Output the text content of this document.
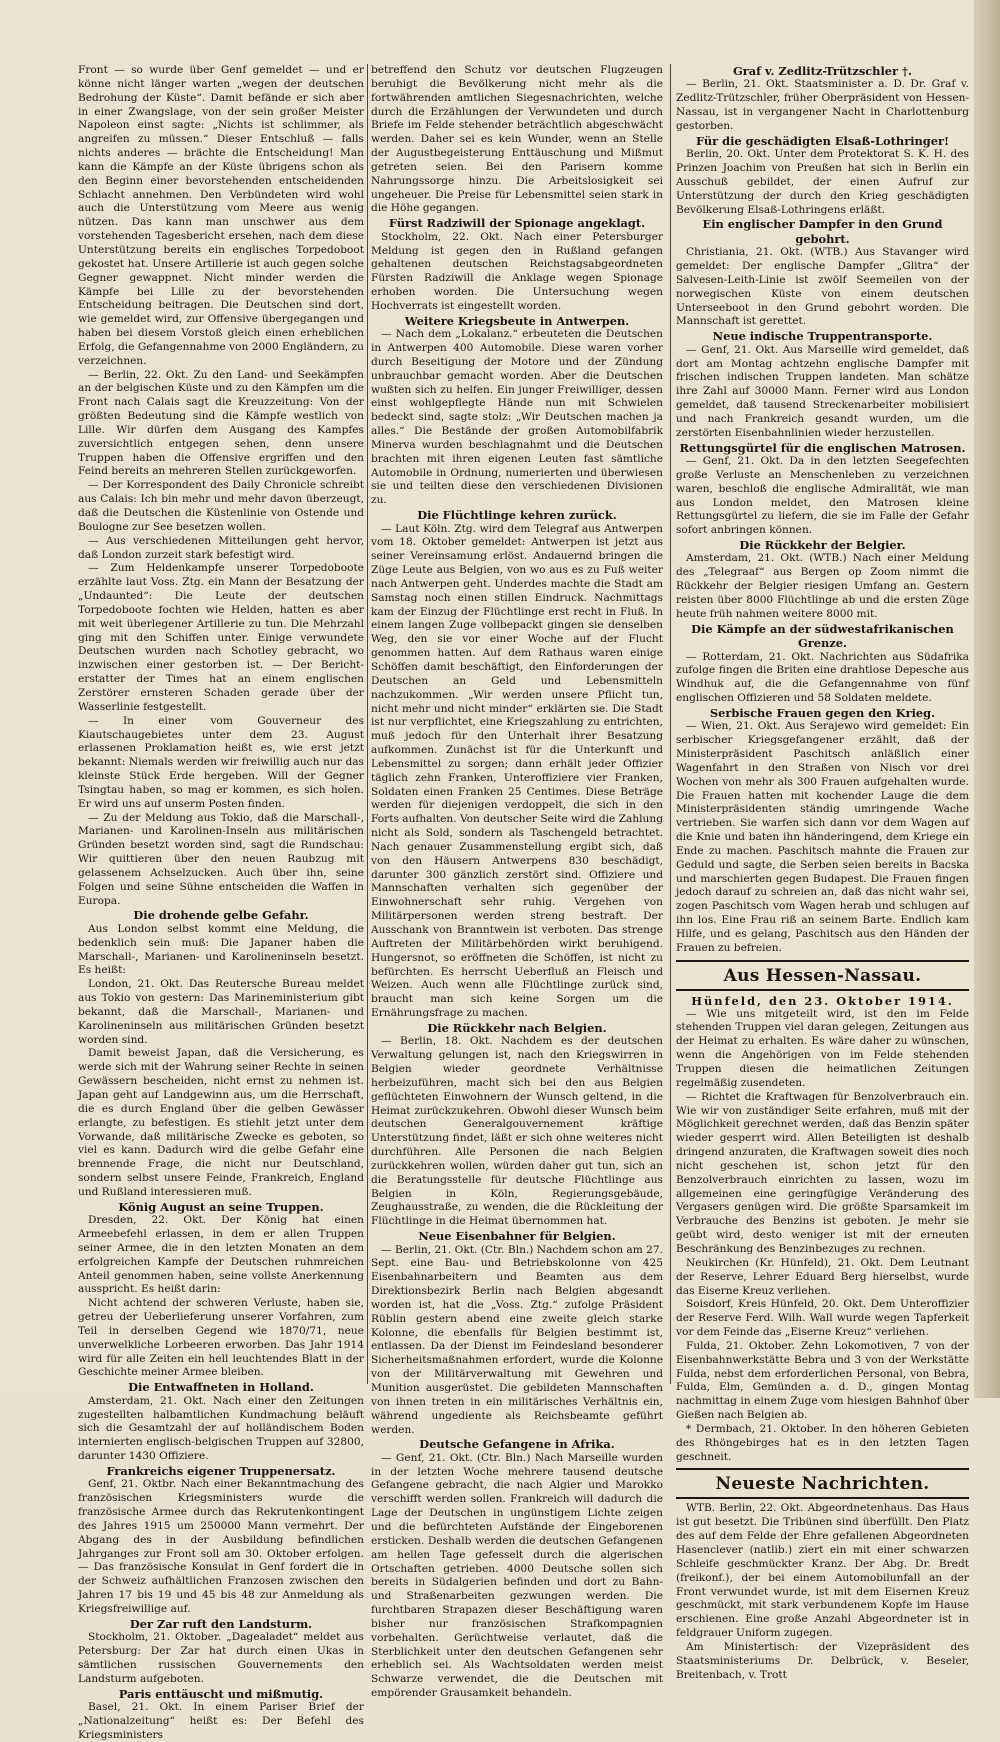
Front — so wurde über Genf gemeldet — und er könne nicht länger warten „wegen der deutschen Bedrohung der Küste“. Damit befände er sich aber in einer Zwangslage, von der sein großer Meister Napoleon einst sagte: „Nichts ist schlimmer, als angreifen zu müssen.“ Dieser Entschluß — falls nichts anderes — brächte die Entscheidung! Man kann die Kämpfe an der Küste übrigens schon als den Beginn einer bevorstehenden entscheidenden Schlacht annehmen. Den Verbündeten wird wohl auch die Unterstützung vom Meere aus wenig nützen. Das kann man unschwer aus dem vorstehenden Tagesbericht ersehen, nach dem diese Unterstützung bereits ein englisches Torpedoboot gekostet hat. Unsere Artillerie ist auch gegen solche Gegner gewappnet. Nicht minder werden die Kämpfe bei Lille zu der bevorstehenden Entscheidung beitragen. Die Deutschen sind dort, wie gemeldet wird, zur Offensive übergegangen und haben bei diesem Vorstoß gleich einen erheblichen Erfolg, die Gefangennahme von 2000 Engländern, zu verzeichnen.

— Berlin, 22. Okt. Zu den Land- und Seekämpfen an der belgischen Küste und zu den Kämpfen um die Front nach Calais sagt die Kreuzzeitung: Von der größten Bedeutung sind die Kämpfe westlich von Lille. Wir dürfen dem Ausgang des Kampfes zuversichtlich entgegen sehen, denn unsere Truppen haben die Offensive ergriffen und den Feind bereits an mehreren Stellen zurückgeworfen.

— Der Korrespondent des Daily Chronicle schreibt aus Calais: Ich bin mehr und mehr davon überzeugt, daß die Deutschen die Küstenlinie von Ostende und Boulogne zur See besetzen wollen.

— Aus verschiedenen Mitteilungen geht hervor, daß London zurzeit stark befestigt wird.

— Zum Heldenkampfe unserer Torpedoboote erzählte laut Voss. Ztg. ein Mann der Besatzung der „Undaunted“: Die Leute der deutschen Torpedoboote fochten wie Helden, hatten es aber mit weit überlegener Artillerie zu tun. Die Mehrzahl ging mit den Schiffen unter. Einige verwundete Deutschen wurden nach Schotley gebracht, wo inzwischen einer gestorben ist. — Der Bericht-erstatter der Times hat an einem englischen Zerstörer ernsteren Schaden gerade über der Wasserlinie festgestellt.

— In einer vom Gouverneur des Kiautschaugebietes unter dem 23. August erlassenen Proklamation heißt es, wie erst jetzt bekannt: Niemals werden wir freiwillig auch nur das kleinste Stück Erde hergeben. Will der Gegner Tsingtau haben, so mag er kommen, es sich holen. Er wird uns auf unserm Posten finden.

— Zu der Meldung aus Tokio, daß die Marschall-, Marianen- und Karolinen-Inseln aus militärischen Gründen besetzt worden sind, sagt die Rundschau: Wir quittieren über den neuen Raubzug mit gelassenem Achselzucken. Auch über ihn, seine Folgen und seine Sühne entscheiden die Waffen in Europa.

Die drohende gelbe Gefahr.

Aus London selbst kommt eine Meldung, die bedenklich sein muß: Die Japaner haben die Marschall-, Marianen- und Karolineninseln besetzt. Es heißt:

London, 21. Okt. Das Reutersche Bureau meldet aus Tokio von gestern: Das Marineministerium gibt bekannt, daß die Marschall-, Marianen- und Karolineninseln aus militärischen Gründen besetzt worden sind.

Damit beweist Japan, daß die Versicherung, es werde sich mit der Wahrung seiner Rechte in seinen Gewässern bescheiden, nicht ernst zu nehmen ist. Japan geht auf Landgewinn aus, um die Herrschaft, die es durch England über die gelben Gewässer erlangte, zu befestigen. Es stiehlt jetzt unter dem Vorwande, daß militärische Zwecke es geboten, so viel es kann. Dadurch wird die gelbe Gefahr eine brennende Frage, die nicht nur Deutschland, sondern selbst unsere Feinde, Frankreich, England und Rußland interessieren muß.

König August an seine Truppen.

Dresden, 22. Okt. Der König hat einen Armeebefehl erlassen, in dem er allen Truppen seiner Armee, die in den letzten Monaten an dem erfolgreichen Kampfe der Deutschen ruhmreichen Anteil genommen haben, seine vollste Anerkennung ausspricht. Es heißt darin:

Nicht achtend der schweren Verluste, haben sie, getreu der Ueberlieferung unserer Vorfahren, zum Teil in derselben Gegend wie 1870/71, neue unverwelkliche Lorbeeren erworben. Das Jahr 1914 wird für alle Zeiten ein hell leuchtendes Blatt in der Geschichte meiner Armee bleiben.

Die Entwaffneten in Holland.

Amsterdam, 21. Okt. Nach einer den Zeitungen zugestellten halbamtlichen Kundmachung beläuft sich die Gesamtzahl der auf holländischem Boden internierten englisch-belgischen Truppen auf 32800, darunter 1430 Offiziere.

Frankreichs eigener Truppenersatz.

Genf, 21. Oktbr. Nach einer Bekanntmachung des französischen Kriegsministers wurde die französische Armee durch das Rekrutenkontingent des Jahres 1915 um 250000 Mann vermehrt. Der Abgang des in der Ausbildung befindlichen Jahrganges zur Front soll am 30. Oktober erfolgen. — Das französische Konsulat in Genf fordert die in der Schweiz aufhältlichen Franzosen zwischen den Jahren 17 bis 19 und 45 bis 48 zur Anmeldung als Kriegsfreiwillige auf.

Der Zar ruft den Landsturm.

Stockholm, 21. Oktober. „Dagealadet“ meldet aus Petersburg: Der Zar hat durch einen Ukas in sämtlichen russischen Gouvernements den Landsturm aufgeboten.

Paris enttäuscht und mißmutig.

Basel, 21. Okt. In einem Pariser Brief der „Nationalzeitung“ heißt es: Der Befehl des Kriegsministers

betreffend den Schutz vor deutschen Flugzeugen beruhigt die Bevölkerung nicht mehr als die fortwährenden amtlichen Siegesnachrichten, welche durch die Erzählungen der Verwundeten und durch Briefe im Felde stehender beträchtlich abgeschwächt werden. Daher sei es kein Wunder, wenn an Stelle der Augustbegeisterung Enttäuschung und Mißmut getreten seien. Bei den Parisern komme Nahrungssorge hinzu. Die Arbeitslosigkeit sei ungeheuer. Die Preise für Lebensmittel seien stark in die Höhe gegangen.

Fürst Radziwill der Spionage angeklagt.

Stockholm, 22. Okt. Nach einer Petersburger Meldung ist gegen den in Rußland gefangen gehaltenen deutschen Reichstagsabgeordneten Fürsten Radziwill die Anklage wegen Spionage erhoben worden. Die Untersuchung wegen Hochverrats ist eingestellt worden.

Weitere Kriegsbeute in Antwerpen.

— Nach dem „Lokalanz.“ erbeuteten die Deutschen in Antwerpen 400 Automobile. Diese waren vorher durch Beseitigung der Motore und der Zündung unbrauchbar gemacht worden. Aber die Deutschen wußten sich zu helfen. Ein junger Freiwilliger, dessen einst wohlgepflegte Hände nun mit Schwielen bedeckt sind, sagte stolz: „Wir Deutschen machen ja alles.“ Die Bestände der großen Automobilfabrik Minerva wurden beschlagnahmt und die Deutschen brachten mit ihren eigenen Leuten fast sämtliche Automobile in Ordnung, numerierten und überwiesen sie und teilten diese den verschiedenen Divisionen zu.

Die Flüchtlinge kehren zurück.

— Laut Köln. Ztg. wird dem Telegraf aus Antwerpen vom 18. Oktober gemeldet: Antwerpen ist jetzt aus seiner Vereinsamung erlöst. Andauernd bringen die Züge Leute aus Belgien, von wo aus es zu Fuß weiter nach Antwerpen geht. Underdes machte die Stadt am Samstag noch einen stillen Eindruck. Nachmittags kam der Einzug der Flüchtlinge erst recht in Fluß. In einem langen Zuge vollbepackt gingen sie denselben Weg, den sie vor einer Woche auf der Flucht genommen hatten. Auf dem Rathaus waren einige Schöffen damit beschäftigt, den Einforderungen der Deutschen an Geld und Lebensmitteln nachzukommen. „Wir werden unsere Pflicht tun, nicht mehr und nicht minder“ erklärten sie. Die Stadt ist nur verpflichtet, eine Kriegszahlung zu entrichten, muß jedoch für den Unterhalt ihrer Besatzung aufkommen. Zunächst ist für die Unterkunft und Lebensmittel zu sorgen; dann erhält jeder Offizier täglich zehn Franken, Unteroffiziere vier Franken, Soldaten einen Franken 25 Centimes. Diese Beträge werden für diejenigen verdoppelt, die sich in den Forts aufhalten. Von deutscher Seite wird die Zahlung nicht als Sold, sondern als Taschengeld betrachtet. Nach genauer Zusammenstellung ergibt sich, daß von den Häusern Antwerpens 830 beschädigt, darunter 300 gänzlich zerstört sind. Offiziere und Mannschaften verhalten sich gegenüber der Einwohnerschaft sehr ruhig. Vergehen von Militärpersonen werden streng bestraft. Der Ausschank von Branntwein ist verboten. Das strenge Auftreten der Militärbehörden wirkt beruhigend. Hungersnot, so eröffneten die Schöffen, ist nicht zu befürchten. Es herrscht Ueberfluß an Fleisch und Weizen. Auch wenn alle Flüchtlinge zurück sind, braucht man sich keine Sorgen um die Ernährungsfrage zu machen.

Die Rückkehr nach Belgien.

— Berlin, 18. Okt. Nachdem es der deutschen Verwaltung gelungen ist, nach den Kriegswirren in Belgien wieder geordnete Verhältnisse herbeizuführen, macht sich bei den aus Belgien geflüchteten Einwohnern der Wunsch geltend, in die Heimat zurückzukehren. Obwohl dieser Wunsch beim deutschen Generalgouvernement kräftige Unterstützung findet, läßt er sich ohne weiteres nicht durchführen. Alle Personen die nach Belgien zurückkehren wollen, würden daher gut tun, sich an die Beratungsstelle für deutsche Flüchtlinge aus Belgien in Köln, Regierungsgebäude, Zeughausstraße, zu wenden, die die Rückleitung der Flüchtlinge in die Heimat übernommen hat.

Neue Eisenbahner für Belgien.

— Berlin, 21. Okt. (Ctr. Bln.) Nachdem schon am 27. Sept. eine Bau- und Betriebskolonne von 425 Eisenbahnarbeitern und Beamten aus dem Direktionsbezirk Berlin nach Belgien abgesandt worden ist, hat die „Voss. Ztg.“ zufolge Präsident Rüblin gestern abend eine zweite gleich starke Kolonne, die ebenfalls für Belgien bestimmt ist, entlassen. Da der Dienst im Feindesland besonderer Sicherheitsmaßnahmen erfordert, wurde die Kolonne von der Militärverwaltung mit Gewehren und Munition ausgerüstet. Die gebildeten Mannschaften von ihnen treten in ein militärisches Verhältnis ein, während ungediente als Reichsbeamte geführt werden.

Deutsche Gefangene in Afrika.

— Genf, 21. Okt. (Ctr. Bln.) Nach Marseille wurden in der letzten Woche mehrere tausend deutsche Gefangene gebracht, die nach Algier und Marokko verschifft werden sollen. Frankreich will dadurch die Lage der Deutschen in ungünstigem Lichte zeigen und die befürchteten Aufstände der Eingeborenen ersticken. Deshalb werden die deutschen Gefangenen am hellen Tage gefesselt durch die algerischen Ortschaften getrieben. 4000 Deutsche sollen sich bereits in Südalgerien befinden und dort zu Bahn- und Straßenarbeiten gezwungen werden. Die furchtbaren Strapazen dieser Beschäftigung waren bisher nur französischen Strafkompagnien vorbehalten. Gerüchtweise verlautet, daß die Sterblichkeit unter den deutschen Gefangenen sehr erheblich sei. Als Wachtsoldaten werden meist Schwarze verwendet, die die Deutschen mit empörender Grausamkeit behandeln.

Graf v. Zedlitz-Trützschler †.

— Berlin, 21. Okt. Staatsminister a. D. Dr. Graf v. Zedlitz-Trützschler, früher Oberpräsident von Hessen-Nassau, ist in vergangener Nacht in Charlottenburg gestorben.

Für die geschädigten Elsaß-Lothringer!

Berlin, 20. Okt. Unter dem Protektorat S. K. H. des Prinzen Joachim von Preußen hat sich in Berlin ein Ausschuß gebildet, der einen Aufruf zur Unterstützung der durch den Krieg geschädigten Bevölkerung Elsaß-Lothringens erläßt.

Ein englischer Dampfer in den Grund gebohrt.

Christiania, 21. Okt. (WTB.) Aus Stavanger wird gemeldet: Der englische Dampfer „Glitra“ der Salvesen-Leith-Linie ist zwölf Seemeilen von der norwegischen Küste von einem deutschen Unterseeboot in den Grund gebohrt worden. Die Mannschaft ist gerettet.

Neue indische Truppentransporte.

— Genf, 21. Okt. Aus Marseille wird gemeldet, daß dort am Montag achtzehn englische Dampfer mit frischen indischen Truppen landeten. Man schätze ihre Zahl auf 30000 Mann. Ferner wird aus London gemeldet, daß tausend Streckenarbeiter mobilisiert und nach Frankreich gesandt wurden, um die zerstörten Eisenbahnlinien wieder herzustellen.

Rettungsgürtel für die englischen Matrosen.

— Genf, 21. Okt. Da in den letzten Seegefechten große Verluste an Menschenleben zu verzeichnen waren, beschloß die englische Admiralität, wie man aus London meldet, den Matrosen kleine Rettungsgürtel zu liefern, die sie im Falle der Gefahr sofort anbringen können.

Die Rückkehr der Belgier.

Amsterdam, 21. Okt. (WTB.) Nach einer Meldung des „Telegraaf“ aus Bergen op Zoom nimmt die Rückkehr der Belgier riesigen Umfang an. Gestern reisten über 8000 Flüchtlinge ab und die ersten Züge heute früh nahmen weitere 8000 mit.

Die Kämpfe an der südwestafrikanischen Grenze.

— Rotterdam, 21. Okt. Nachrichten aus Südafrika zufolge fingen die Briten eine drahtlose Depesche aus Windhuk auf, die die Gefangennahme von fünf englischen Offizieren und 58 Soldaten meldete.

Serbische Frauen gegen den Krieg.

— Wien, 21. Okt. Aus Serajewo wird gemeldet: Ein serbischer Kriegsgefangener erzählt, daß der Ministerpräsident Paschitsch anläßlich einer Wagenfahrt in den Straßen von Nisch vor drei Wochen von mehr als 300 Frauen aufgehalten wurde. Die Frauen hatten mit kochender Lauge die dem Ministerpräsidenten ständig umringende Wache vertrieben. Sie warfen sich dann vor dem Wagen auf die Knie und baten ihn händeringend, dem Kriege ein Ende zu machen. Paschitsch mahnte die Frauen zur Geduld und sagte, die Serben seien bereits in Bacska und marschierten gegen Budapest. Die Frauen fingen jedoch darauf zu schreien an, daß das nicht wahr sei, zogen Paschitsch vom Wagen herab und schlugen auf ihn los. Eine Frau riß an seinem Barte. Endlich kam Hilfe, und es gelang, Paschitsch aus den Händen der Frauen zu befreien.

Aus Hessen-Nassau.
Hünfeld, den 23. Oktober 1914.

— Wie uns mitgeteilt wird, ist den im Felde stehenden Truppen viel daran gelegen, Zeitungen aus der Heimat zu erhalten. Es wäre daher zu wünschen, wenn die Angehörigen von im Felde stehenden Truppen diesen die heimatlichen Zeitungen regelmäßig zusendeten.

— Richtet die Kraftwagen für Benzolverbrauch ein. Wie wir von zuständiger Seite erfahren, muß mit der Möglichkeit gerechnet werden, daß das Benzin später wieder gesperrt wird. Allen Beteiligten ist deshalb dringend anzuraten, die Kraftwagen soweit dies noch nicht geschehen ist, schon jetzt für den Benzolverbrauch einrichten zu lassen, wozu im allgemeinen eine geringfügige Veränderung des Vergasers genügen wird. Die größte Sparsamkeit im Verbrauche des Benzins ist geboten. Je mehr sie geübt wird, desto weniger ist mit der erneuten Beschränkung des Benzinbezuges zu rechnen.

Neukirchen (Kr. Hünfeld), 21. Okt. Dem Leutnant der Reserve, Lehrer Eduard Berg hierselbst, wurde das Eiserne Kreuz verliehen.

Soisdorf, Kreis Hünfeld, 20. Okt. Dem Unteroffizier der Reserve Ferd. Wilh. Wall wurde wegen Tapferkeit vor dem Feinde das „Eiserne Kreuz“ verliehen.

Fulda, 21. Oktober. Zehn Lokomotiven, 7 von der Eisenbahnwerkstätte Bebra und 3 von der Werkstätte Fulda, nebst dem erforderlichen Personal, von Bebra, Fulda, Elm, Gemünden a. d. D., gingen Montag nachmittag in einem Zuge vom hiesigen Bahnhof über Gießen nach Belgien ab.

* Dermbach, 21. Oktober. In den höheren Gebieten des Rhöngebirges hat es in den letzten Tagen geschneit.

Neueste Nachrichten.

WTB. Berlin, 22. Okt. Abgeordnetenhaus. Das Haus ist gut besetzt. Die Tribünen sind überfüllt. Den Platz des auf dem Felde der Ehre gefallenen Abgeordneten Hasenclever (natlib.) ziert ein mit einer schwarzen Schleife geschmückter Kranz. Der Abg. Dr. Bredt (freikonf.), der bei einem Automobilunfall an der Front verwundet wurde, ist mit dem Eisernen Kreuz geschmückt, mit stark verbundenem Kopfe im Hause erschienen. Eine große Anzahl Abgeordneter ist in feldgrauer Uniform zugegen.

Am Ministertisch: der Vizepräsident des Staatsministeriums Dr. Delbrück, v. Beseler, Breitenbach, v. Trott
